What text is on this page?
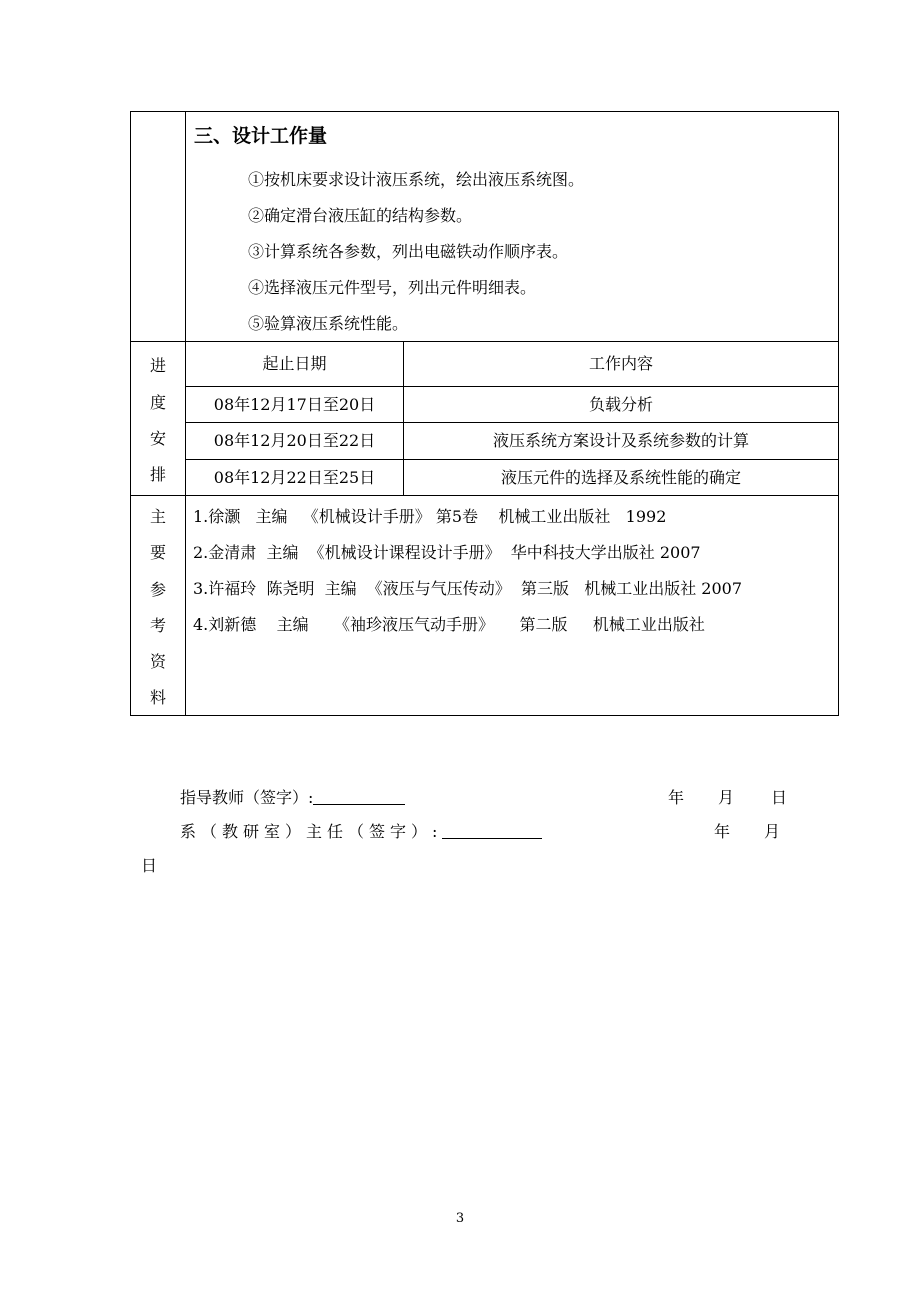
三、设计工作量
①按机床要求设计液压系统，绘出液压系统图。
②确定滑台液压缸的结构参数。
③计算系统各参数，列出电磁铁动作顺序表。
④选择液压元件型号，列出元件明细表。
⑤验算液压系统性能。
进
度
安
排
起止日期	工作内容
08年12月17日至20日	负载分析
08年12月20日至22日	液压系统方案设计及系统参数的计算
08年12月22日至25日	液压元件的选择及系统性能的确定
主
要
参
考
资
料
1.徐灏   主编   《机械设计手册》 第5卷    机械工业出版社   1992
2.金清肃  主编  《机械设计课程设计手册》  华中科技大学出版社 2007
3.许福玲  陈尧明  主编  《液压与气压传动》  第三版   机械工业出版社 2007
4.刘新德    主编     《袖珍液压气动手册》     第二版     机械工业出版社
指导教师（签字）:	年 月 日
系（教研室）主任（签字）:	年 月
日
3
